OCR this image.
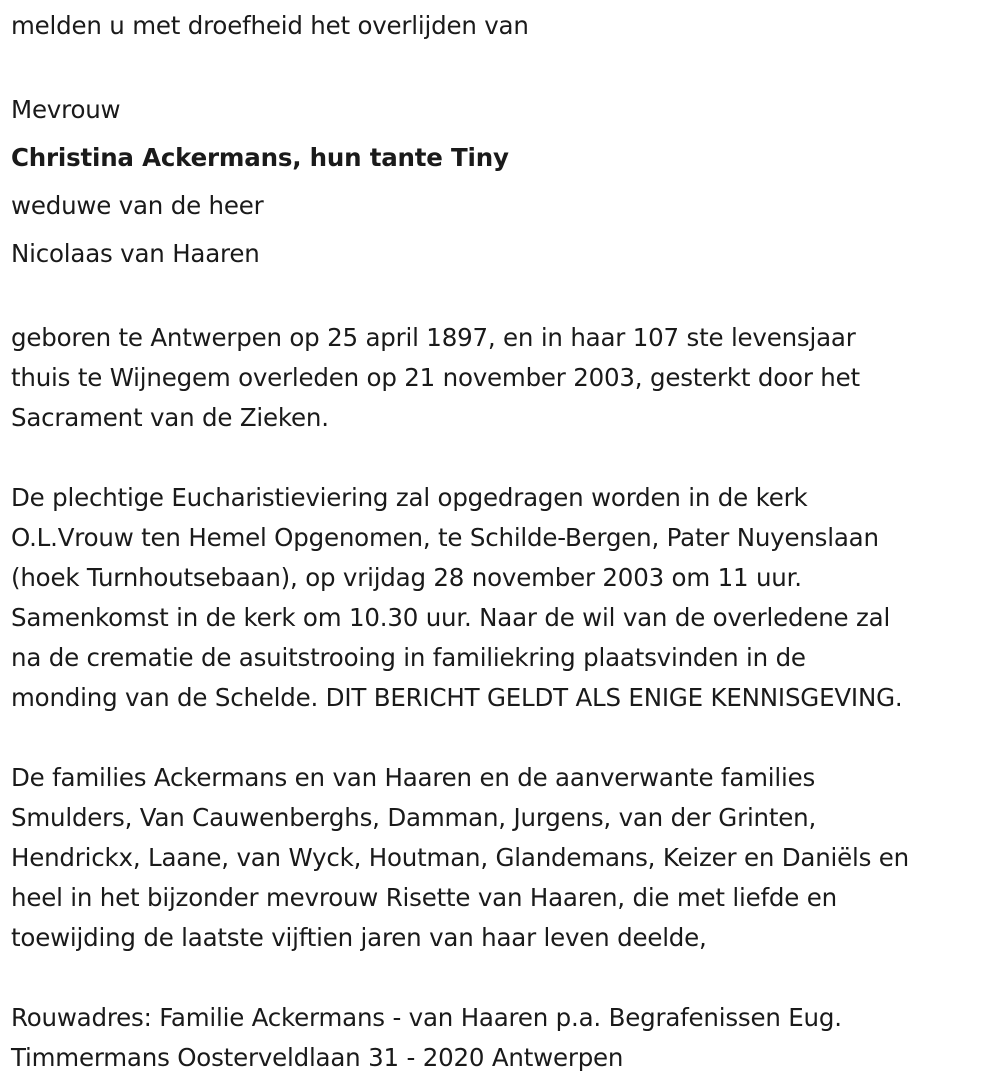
melden u met droefheid het overlijden van
Mevrouw
Christina Ackermans, hun tante Tiny
weduwe van de heer
Nicolaas van Haaren
geboren te Antwerpen op 25 april 1897, en in haar 107 ste levensjaar
thuis te Wijnegem overleden op 21 november 2003, gesterkt door het
Sacrament van de Zieken.
De plechtige Eucharistieviering zal opgedragen worden in de kerk
O.L.Vrouw ten Hemel Opgenomen, te Schilde-Bergen, Pater Nuyenslaan
(hoek Turnhoutsebaan), op vrijdag 28 november 2003 om 11 uur.
Samenkomst in de kerk om 10.30 uur. Naar de wil van de overledene zal
na de crematie de asuitstrooing in familiekring plaatsvinden in de
monding van de Schelde. DIT BERICHT GELDT ALS ENIGE KENNISGEVING.
De families Ackermans en van Haaren en de aanverwante families
Smulders, Van Cauwenberghs, Damman, Jurgens, van der Grinten,
Hendrickx, Laane, van Wyck, Houtman, Glandemans, Keizer en Daniëls en
heel in het bijzonder mevrouw Risette van Haaren, die met liefde en
toewijding de laatste vijftien jaren van haar leven deelde,
Rouwadres: Familie Ackermans - van Haaren p.a. Begrafenissen Eug.
Timmermans Oosterveldlaan 31 - 2020 Antwerpen
